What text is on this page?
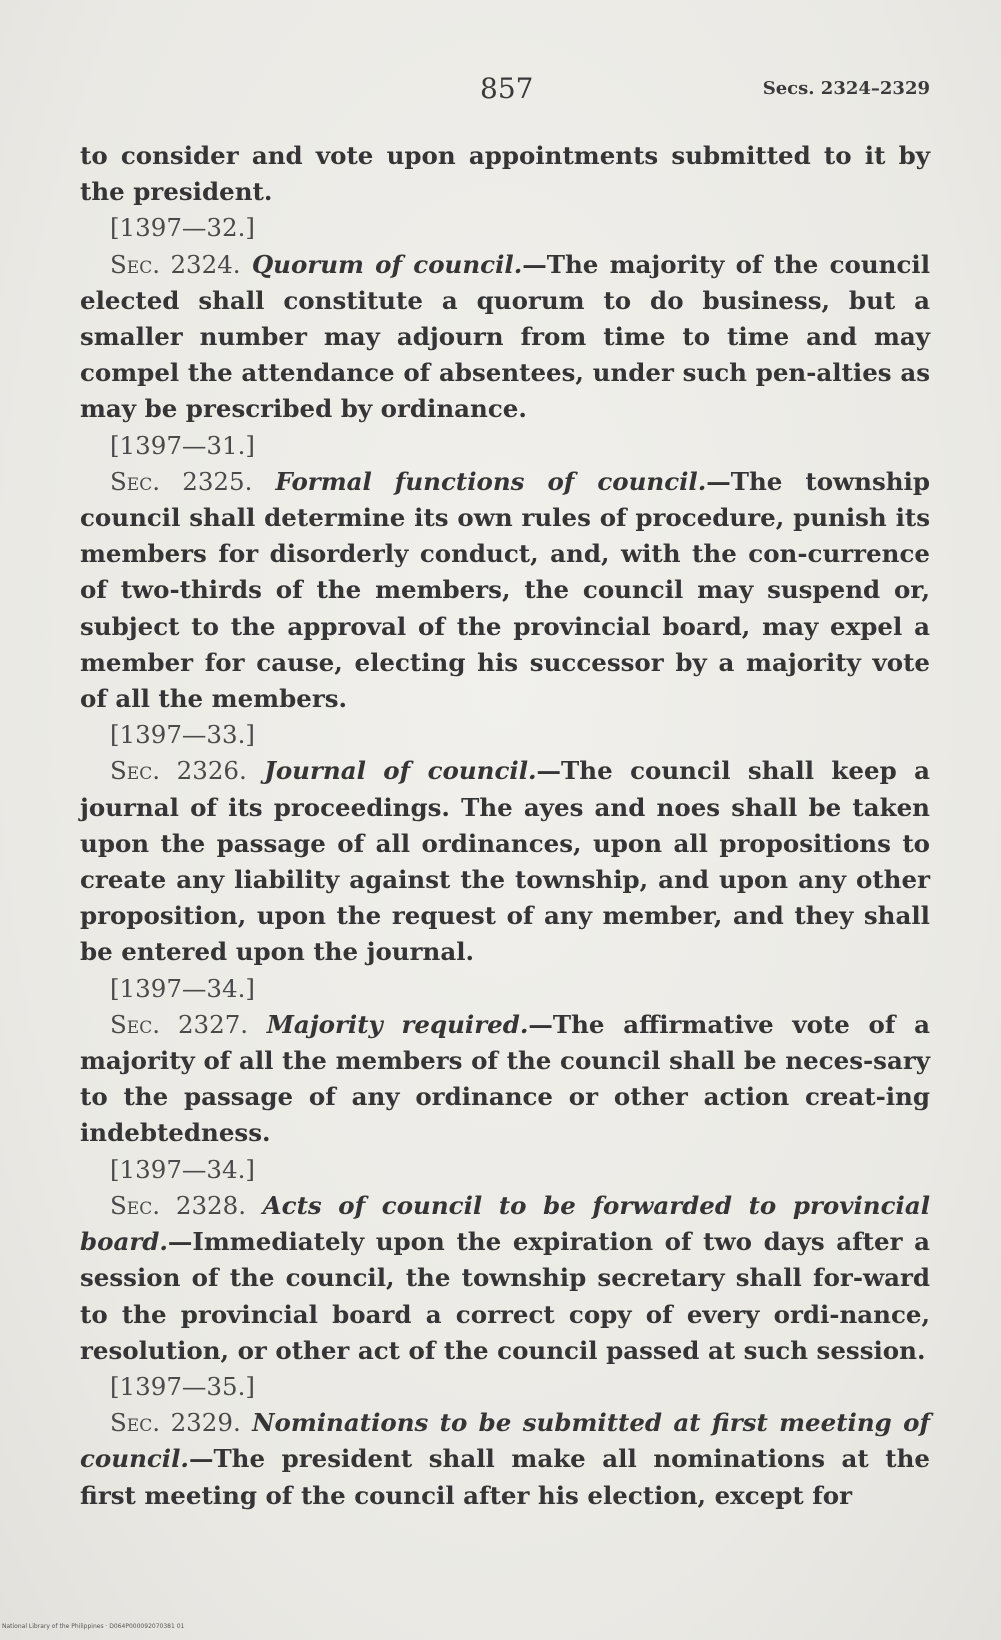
857	Secs. 2324–2329

to consider and vote upon appointments submitted to it by the president.

[1397—32.]

Sec. 2324. Quorum of council.—The majority of the council elected shall constitute a quorum to do business, but a smaller number may adjourn from time to time and may compel the attendance of absentees, under such pen-alties as may be prescribed by ordinance.

[1397—31.]

Sec. 2325. Formal functions of council.—The township council shall determine its own rules of procedure, punish its members for disorderly conduct, and, with the con-currence of two-thirds of the members, the council may suspend or, subject to the approval of the provincial board, may expel a member for cause, electing his successor by a majority vote of all the members.

[1397—33.]

Sec. 2326. Journal of council.—The council shall keep a journal of its proceedings. The ayes and noes shall be taken upon the passage of all ordinances, upon all propositions to create any liability against the township, and upon any other proposition, upon the request of any member, and they shall be entered upon the journal.

[1397—34.]

Sec. 2327. Majority required.—The affirmative vote of a majority of all the members of the council shall be neces-sary to the passage of any ordinance or other action creat-ing indebtedness.

[1397—34.]

Sec. 2328. Acts of council to be forwarded to provincial board.—Immediately upon the expiration of two days after a session of the council, the township secretary shall for-ward to the provincial board a correct copy of every ordi-nance, resolution, or other act of the council passed at such session.

[1397—35.]

Sec. 2329. Nominations to be submitted at first meeting of council.—The president shall make all nominations at the first meeting of the council after his election, except for

National Library of the Philippines · D064P000092070381 01
